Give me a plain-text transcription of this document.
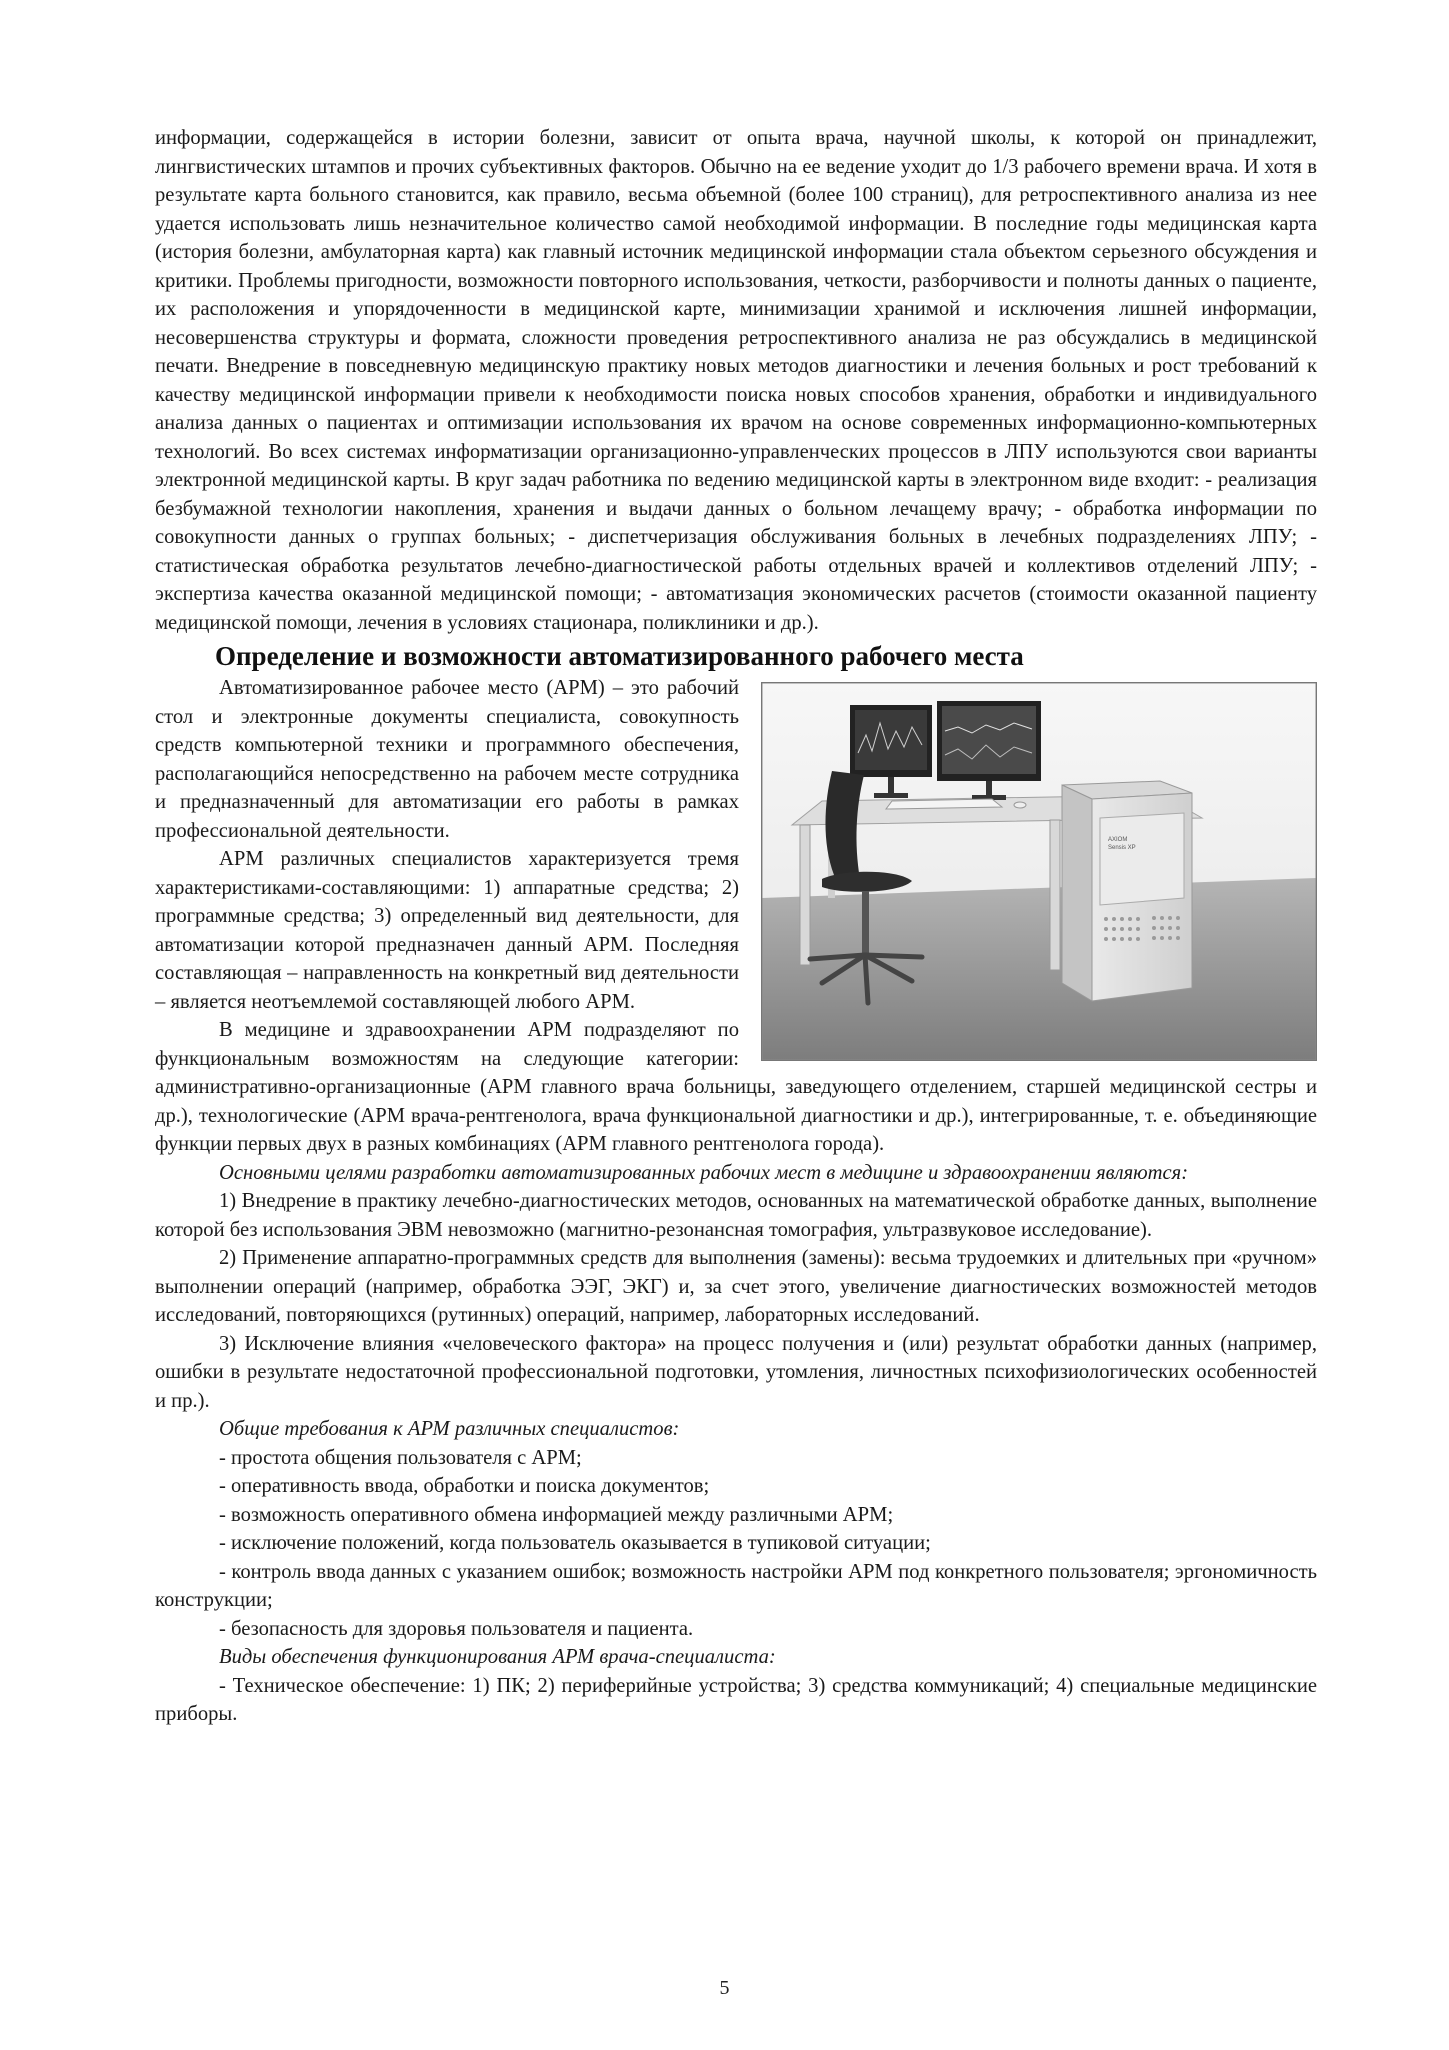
информации, содержащейся в истории болезни, зависит от опыта врача, научной школы, к которой он принадлежит, лингвистических штампов и прочих субъективных факторов. Обычно на ее ведение уходит до 1/3 рабочего времени врача. И хотя в результате карта больного становится, как правило, весьма объемной (более 100 страниц), для ретроспективного анализа из нее удается использовать лишь незначительное количество самой необходимой информации. В последние годы медицинская карта (история болезни, амбулаторная карта) как главный источник медицинской информации стала объектом серьезного обсуждения и критики. Проблемы пригодности, возможности повторного использования, четкости, разборчивости и полноты данных о пациенте, их расположения и упорядоченности в медицинской карте, минимизации хранимой и исключения лишней информации, несовершенства структуры и формата, сложности проведения ретроспективного анализа не раз обсуждались в медицинской печати. Внедрение в повседневную медицинскую практику новых методов диагностики и лечения больных и рост требований к качеству медицинской информации привели к необходимости поиска новых способов хранения, обработки и индивидуального анализа данных о пациентах и оптимизации использования их врачом на основе современных информационно-компьютерных технологий. Во всех системах информатизации организационно-управленческих процессов в ЛПУ используются свои варианты электронной медицинской карты. В круг задач работника по ведению медицинской карты в электронном виде входит: - реализация безбумажной технологии накопления, хранения и выдачи данных о больном лечащему врачу; - обработка информации по совокупности данных о группах больных; - диспетчеризация обслуживания больных в лечебных подразделениях ЛПУ; - статистическая обработка результатов лечебно-диагностической работы отдельных врачей и коллективов отделений ЛПУ; - экспертиза качества оказанной медицинской помощи; - автоматизация экономических расчетов (стоимости оказанной пациенту медицинской помощи, лечения в условиях стационара, поликлиники и др.).

Определение и возможности автоматизированного рабочего места
AXIOM
Sensis XP

Автоматизированное рабочее место (АРМ) – это рабочий стол и электронные документы специалиста, совокупность средств компьютерной техники и программного обеспечения, располагающийся непосредственно на рабочем месте сотрудника и предназначенный для автоматизации его работы в рамках профессиональной деятельности.

АРМ различных специалистов характеризуется тремя характеристиками-составляющими: 1) аппаратные средства; 2) программные средства; 3) определенный вид деятельности, для автоматизации которой предназначен данный АРМ. Последняя составляющая – направленность на конкретный вид деятельности – является неотъемлемой составляющей любого АРМ.

В медицине и здравоохранении АРМ подразделяют по функциональным возможностям на следующие категории: административно-организационные (АРМ главного врача больницы, заведующего отделением, старшей медицинской сестры и др.), технологические (АРМ врача-рентгенолога, врача функциональной диагностики и др.), интегрированные, т. е. объединяющие функции первых двух в разных комбинациях (АРМ главного рентгенолога города).

Основными целями разработки автоматизированных рабочих мест в медицине и здравоохранении являются:

1) Внедрение в практику лечебно-диагностических методов, основанных на математической обработке данных, выполнение которой без использования ЭВМ невозможно (магнитно-резонансная томография, ультразвуковое исследование).

2) Применение аппаратно-программных средств для выполнения (замены): весьма трудоемких и длительных при «ручном» выполнении операций (например, обработка ЭЭГ, ЭКГ) и, за счет этого, увеличение диагностических возможностей методов исследований, повторяющихся (рутинных) операций, например, лабораторных исследований.

3) Исключение влияния «человеческого фактора» на процесс получения и (или) результат обработки данных (например, ошибки в результате недостаточной профессиональной подготовки, утомления, личностных психофизиологических особенностей и пр.).

Общие требования к АРМ различных специалистов:

- простота общения пользователя с АРМ;

- оперативность ввода, обработки и поиска документов;

- возможность оперативного обмена информацией между различными АРМ;

- исключение положений, когда пользователь оказывается в тупиковой ситуации;

- контроль ввода данных с указанием ошибок; возможность настройки АРМ под конкретного пользователя; эргономичность конструкции;

- безопасность для здоровья пользователя и пациента.

Виды обеспечения функционирования АРМ врача-специалиста:

- Техническое обеспечение: 1) ПК; 2) периферийные устройства; 3) средства коммуникаций; 4) специальные медицинские приборы.

5
